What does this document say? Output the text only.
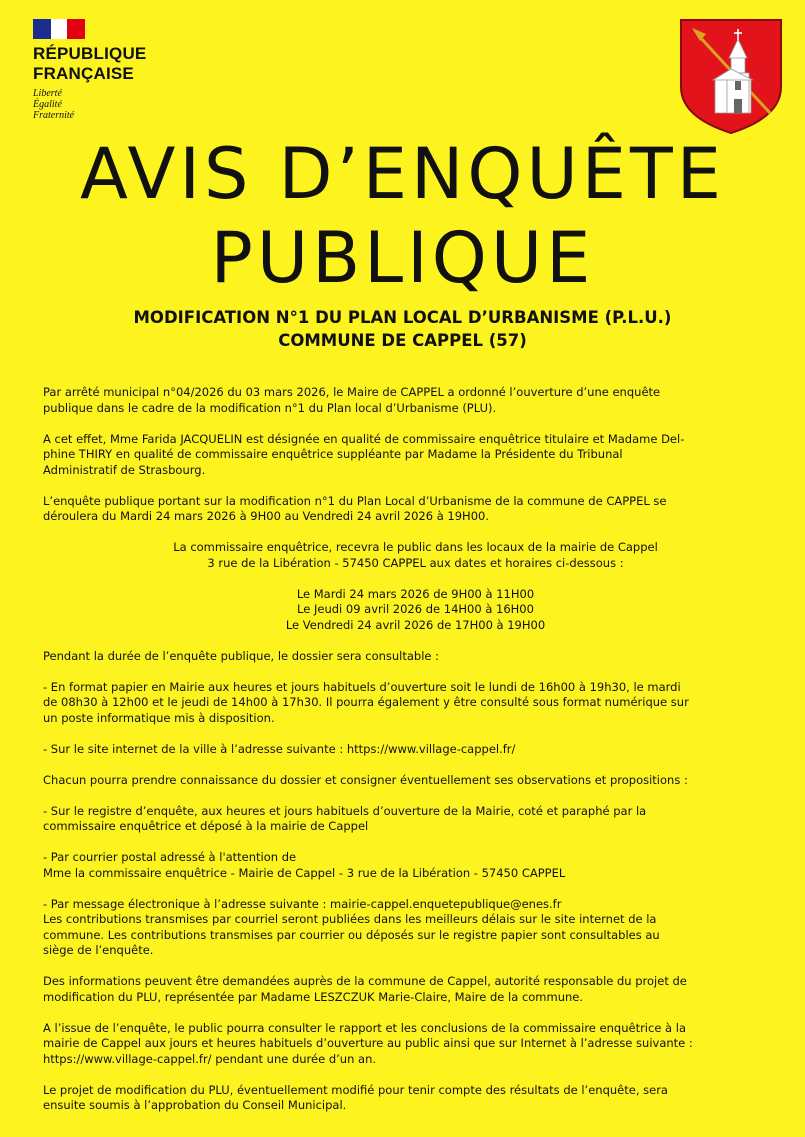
RÉPUBLIQUE
FRANÇAISE
Liberté
Égalité
Fraternité
AVIS D’ENQUÊTE
PUBLIQUE
MODIFICATION N°1 DU PLAN LOCAL D’URBANISME (P.L.U.)
COMMUNE DE CAPPEL (57)

Par arrêté municipal n°04/2026 du 03 mars 2026, le Maire de CAPPEL a ordonné l’ouverture d’une enquête
publique dans le cadre de la modification n°1 du Plan local d’Urbanisme (PLU).

A cet effet, Mme Farida JACQUELIN est désignée en qualité de commissaire enquêtrice titulaire et Madame Del-
phine THIRY en qualité de commissaire enquêtrice suppléante par Madame la Présidente du Tribunal
Administratif de Strasbourg.

L’enquête publique portant sur la modification n°1 du Plan Local d’Urbanisme de la commune de CAPPEL se
déroulera du Mardi 24 mars 2026 à 9H00 au Vendredi 24 avril 2026 à 19H00.

La commissaire enquêtrice, recevra le public dans les locaux de la mairie de Cappel
3 rue de la Libération - 57450 CAPPEL aux dates et horaires ci-dessous :

Le Mardi 24 mars 2026 de 9H00 à 11H00
Le Jeudi 09 avril 2026 de 14H00 à 16H00
Le Vendredi 24 avril 2026 de 17H00 à 19H00

Pendant la durée de l’enquête publique, le dossier sera consultable :

- En format papier en Mairie aux heures et jours habituels d’ouverture soit le lundi de 16h00 à 19h30, le mardi
de 08h30 à 12h00 et le jeudi de 14h00 à 17h30. Il pourra également y être consulté sous format numérique sur
un poste informatique mis à disposition.

- Sur le site internet de la ville à l’adresse suivante : https://www.village-cappel.fr/

Chacun pourra prendre connaissance du dossier et consigner éventuellement ses observations et propositions :

- Sur le registre d’enquête, aux heures et jours habituels d’ouverture de la Mairie, coté et paraphé par la
commissaire enquêtrice et déposé à la mairie de Cappel

- Par courrier postal adressé à l'attention de
Mme la commissaire enquêtrice - Mairie de Cappel - 3 rue de la Libération - 57450 CAPPEL

- Par message électronique à l’adresse suivante : mairie-cappel.enquetepublique@enes.fr
Les contributions transmises par courriel seront publiées dans les meilleurs délais sur le site internet de la
commune. Les contributions transmises par courrier ou déposés sur le registre papier sont consultables au
siège de l’enquête.

Des informations peuvent être demandées auprès de la commune de Cappel, autorité responsable du projet de
modification du PLU, représentée par Madame LESZCZUK Marie-Claire, Maire de la commune.

A l’issue de l’enquête, le public pourra consulter le rapport et les conclusions de la commissaire enquêtrice à la
mairie de Cappel aux jours et heures habituels d’ouverture au public ainsi que sur Internet à l’adresse suivante :
https://www.village-cappel.fr/ pendant une durée d’un an.

Le projet de modification du PLU, éventuellement modifié pour tenir compte des résultats de l’enquête, sera
ensuite soumis à l’approbation du Conseil Municipal.
